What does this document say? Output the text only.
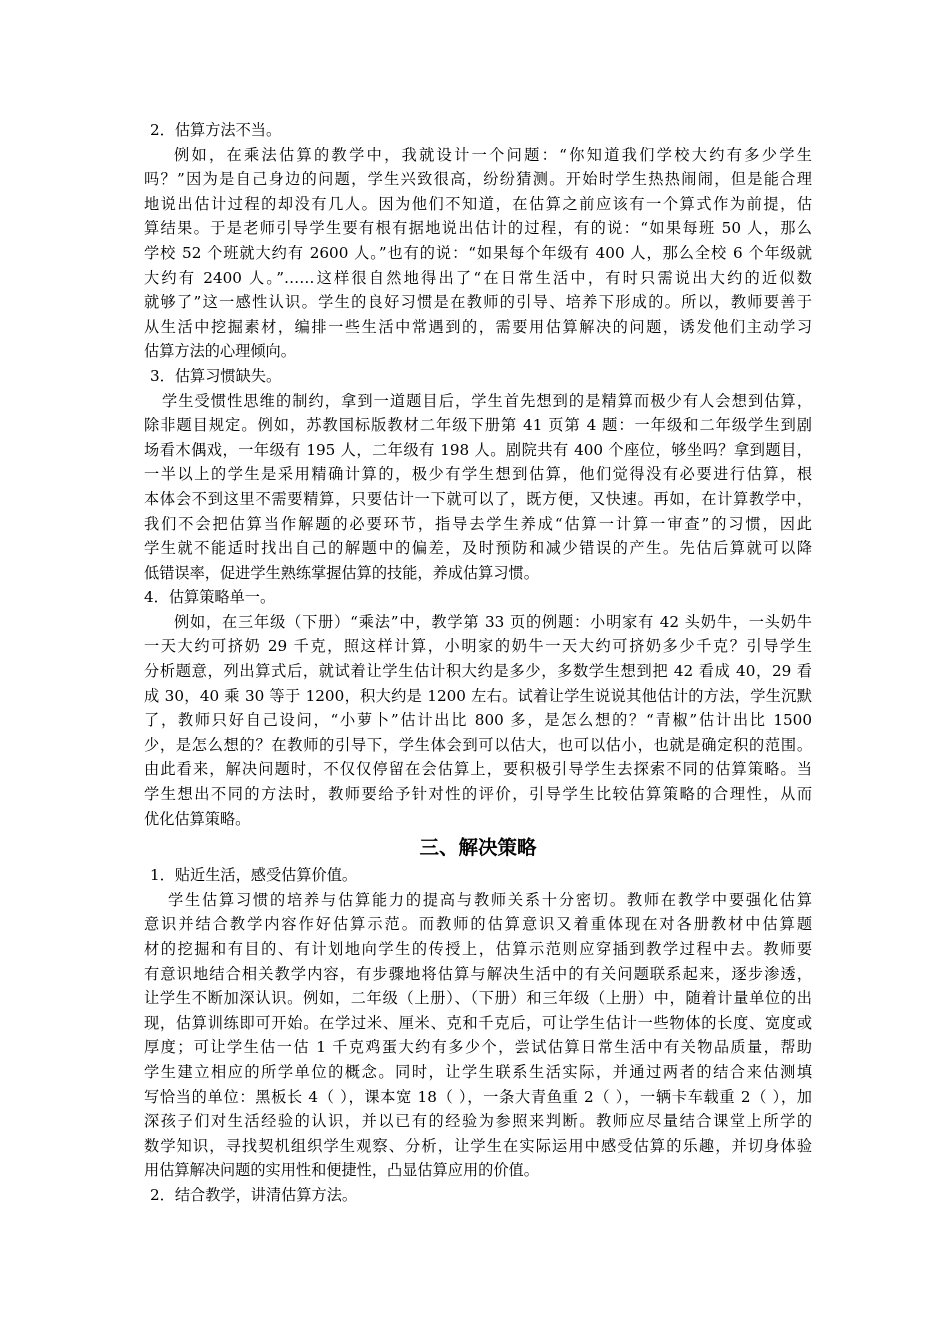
2．估算方法不当。
例如，在乘法估算的教学中，我就设计一个问题：“你知道我们学校大约有多少学生
吗？”因为是自己身边的问题，学生兴致很高，纷纷猜测。开始时学生热热闹闹，但是能合理
地说出估计过程的却没有几人。因为他们不知道，在估算之前应该有一个算式作为前提，估
算结果。于是老师引导学生要有根有据地说出估计的过程，有的说：“如果每班 50 人，那么
学校 52 个班就大约有 2600 人。”也有的说：“如果每个年级有 400 人，那么全校 6 个年级就
大约有 2400 人。”……这样很自然地得出了“在日常生活中，有时只需说出大约的近似数
就够了”这一感性认识。学生的良好习惯是在教师的引导、培养下形成的。所以，教师要善于
从生活中挖掘素材，编排一些生活中常遇到的，需要用估算解决的问题，诱发他们主动学习
估算方法的心理倾向。
3．估算习惯缺失。
学生受惯性思维的制约，拿到一道题目后，学生首先想到的是精算而极少有人会想到估算，
除非题目规定。例如，苏教国标版教材二年级下册第 41 页第 4 题：一年级和二年级学生到剧
场看木偶戏，一年级有 195 人，二年级有 198 人。剧院共有 400 个座位，够坐吗？拿到题目，
一半以上的学生是采用精确计算的，极少有学生想到估算，他们觉得没有必要进行估算，根
本体会不到这里不需要精算，只要估计一下就可以了，既方便，又快速。再如，在计算教学中，
我们不会把估算当作解题的必要环节，指导去学生养成“估算一计算一审查”的习惯，因此
学生就不能适时找出自己的解题中的偏差，及时预防和减少错误的产生。先估后算就可以降
低错误率，促进学生熟练掌握估算的技能，养成估算习惯。
4．估算策略单一。
例如，在三年级（下册）“乘法”中，教学第 33 页的例题：小明家有 42 头奶牛，一头奶牛
一天大约可挤奶 29 千克，照这样计算，小明家的奶牛一天大约可挤奶多少千克？引导学生
分析题意，列出算式后，就试着让学生估计积大约是多少，多数学生想到把 42 看成 40，29 看
成 30，40 乘 30 等于 1200，积大约是 1200 左右。试着让学生说说其他估计的方法，学生沉默
了，教师只好自己设问，“小萝卜”估计出比 800 多，是怎么想的？“青椒”估计出比 1500
少，是怎么想的？在教师的引导下，学生体会到可以估大，也可以估小，也就是确定积的范围。
由此看来，解决问题时，不仅仅停留在会估算上，要积极引导学生去探索不同的估算策略。当
学生想出不同的方法时，教师要给予针对性的评价，引导学生比较估算策略的合理性，从而
优化估算策略。
三、解决策略
1．贴近生活，感受估算价值。
学生估算习惯的培养与估算能力的提高与教师关系十分密切。教师在教学中要强化估算
意识并结合教学内容作好估算示范。而教师的估算意识又着重体现在对各册教材中估算题
材的挖掘和有目的、有计划地向学生的传授上，估算示范则应穿插到教学过程中去。教师要
有意识地结合相关教学内容，有步骤地将估算与解决生活中的有关问题联系起来，逐步渗透，
让学生不断加深认识。例如，二年级（上册）、（下册）和三年级（上册）中，随着计量单位的出
现，估算训练即可开始。在学过米、厘米、克和千克后，可让学生估计一些物体的长度、宽度或
厚度；可让学生估一估 1 千克鸡蛋大约有多少个，尝试估算日常生活中有关物品质量，帮助
学生建立相应的所学单位的概念。同时，让学生联系生活实际，并通过两者的结合来估测填
写恰当的单位：黑板长 4（ ），课本宽 18（ ），一条大青鱼重 2（ ），一辆卡车载重 2（ ），加
深孩子们对生活经验的认识，并以已有的经验为参照来判断。教师应尽量结合课堂上所学的
数学知识，寻找契机组织学生观察、分析，让学生在实际运用中感受估算的乐趣，并切身体验
用估算解决问题的实用性和便捷性，凸显估算应用的价值。
2．结合教学，讲清估算方法。
